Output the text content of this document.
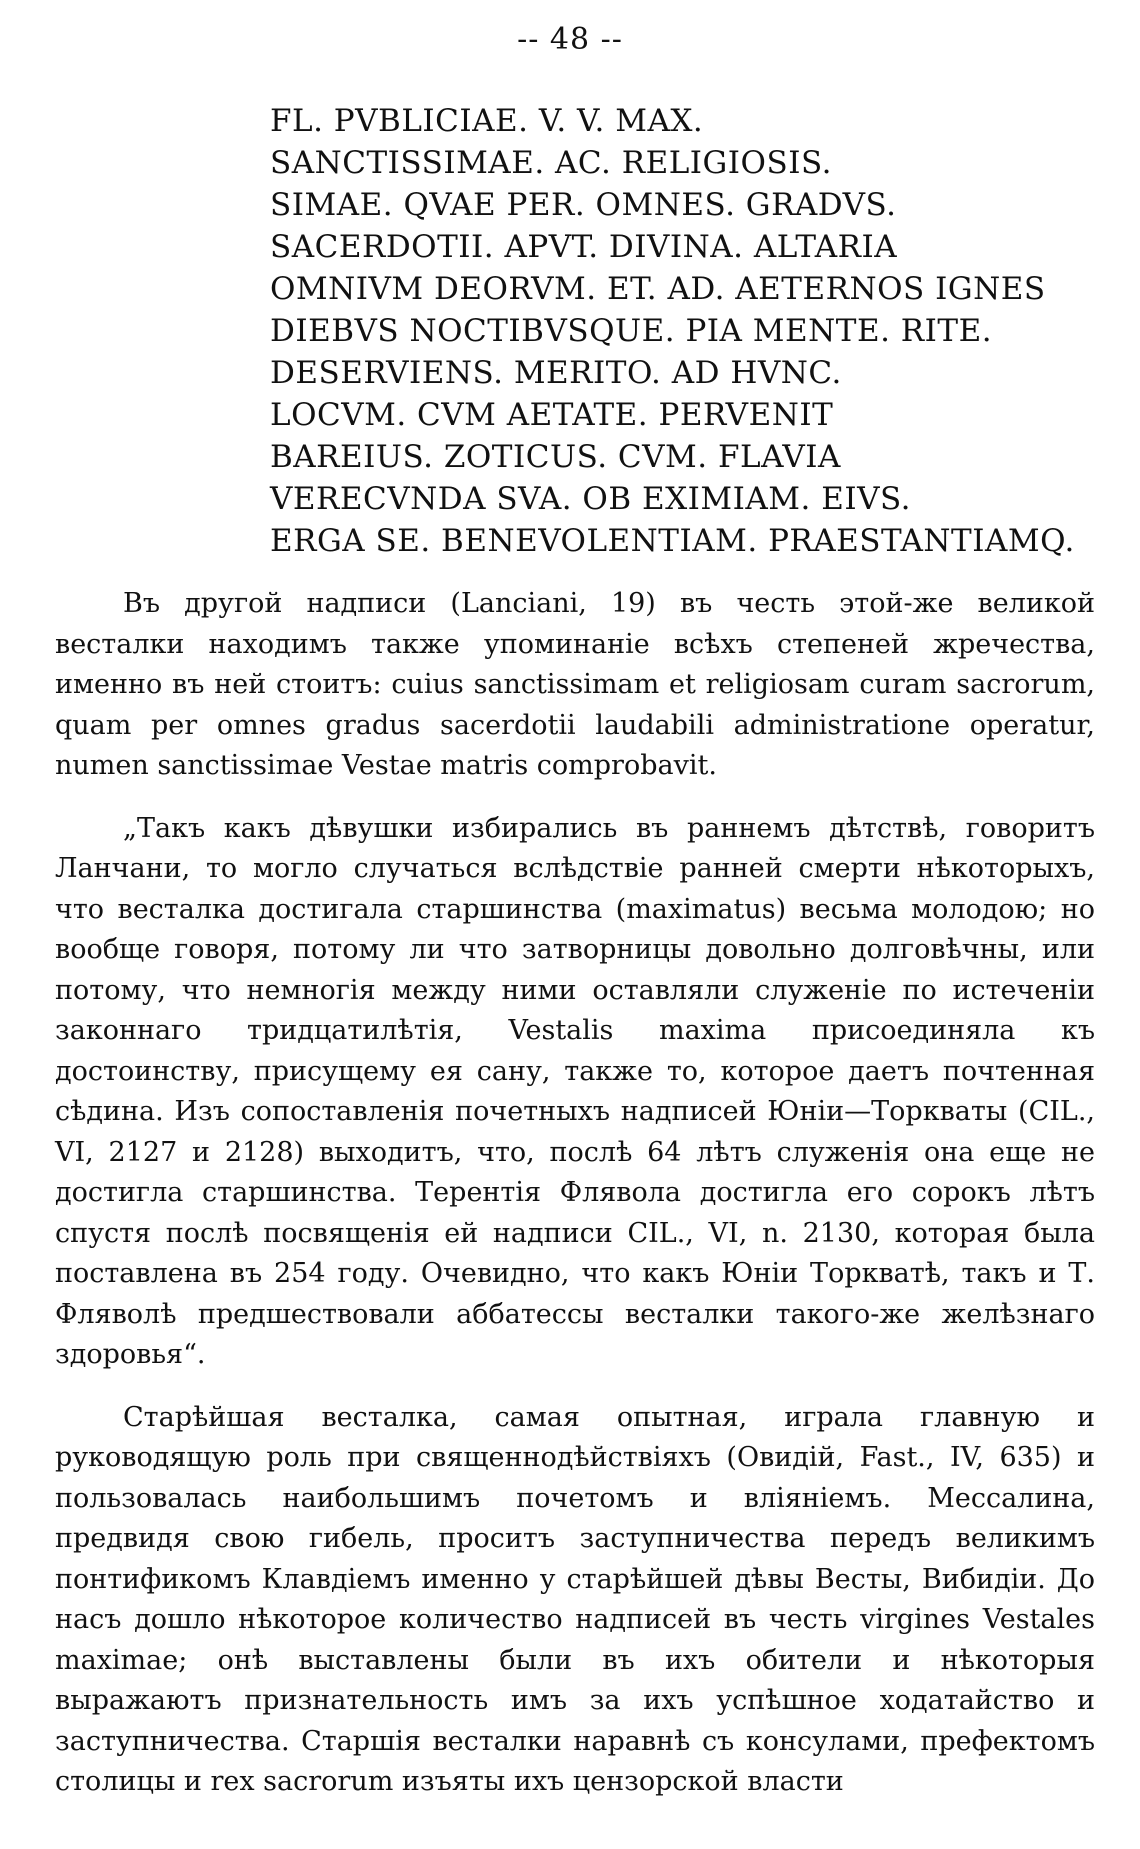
-- 48 --
FL. PVBLICIAE. V. V. MAX.
SANCTISSIMAE. AC. RELIGIOSIS.
SIMAE. QVAE PER. OMNES. GRADVS.
SACERDOTII. APVT. DIVINA. ALTARIA
OMNIVM DEORVM. ET. AD. AETERNOS IGNES
DIEBVS NOCTIBVSQUE. PIA MENTE. RITE.
DESERVIENS. MERITO. AD HVNC.
LOCVM. CVM AETATE. PERVENIT
BAREIUS. ZOTICUS. CVM. FLAVIA
VERECVNDA SVA. OB EXIMIAM. EIVS.
ERGA SE. BENEVOLENTIAM. PRAESTANTIAMQ.

Въ другой надписи (Lanciani, 19) въ честь этой-же великой весталки находимъ также упоминаніе всѣхъ степеней жречества, именно въ ней стоитъ: cuius sanctissimam et religiosam curam sacrorum, quam per omnes gradus sacerdotii laudabili administratione operatur, numen sanctissimae Vestae matris comprobavit.

„Такъ какъ дѣвушки избирались въ раннемъ дѣтствѣ, говоритъ Ланчани, то могло случаться вслѣдствіе ранней смерти нѣкоторыхъ, что весталка достигала старшинства (maximatus) весьма молодою; но вообще говоря, потому ли что затворницы довольно долговѣчны, или потому, что немногія между ними оставляли служеніе по истеченіи законнаго тридцатилѣтія, Vestalis maxima присоединяла къ достоинству, присущему ея сану, также то, которое даетъ почтенная сѣдина. Изъ сопоставленія почетныхъ надписей Юніи—Торкваты (CIL., VI, 2127 и 2128) выходитъ, что, послѣ 64 лѣтъ служенія она еще не достигла старшинства. Терентія Флявола достигла его сорокъ лѣтъ спустя послѣ посвященія ей надписи CIL., VI, n. 2130, которая была поставлена въ 254 году. Очевидно, что какъ Юніи Торкватѣ, такъ и Т. Фляволѣ предшествовали аббатессы весталки такого-же желѣзнаго здоровья“.

Старѣйшая весталка, самая опытная, играла главную и руководящую роль при священнодѣйствіяхъ (Овидій, Fast., IV, 635) и пользовалась наибольшимъ почетомъ и вліяніемъ. Мессалина, предвидя свою гибель, проситъ заступничества передъ великимъ понтификомъ Клавдіемъ именно у старѣйшей дѣвы Весты, Вибидіи. До насъ дошло нѣкоторое количество надписей въ честь virgines Vestales maximae; онѣ выставлены были въ ихъ обители и нѣкоторыя выражаютъ признательность имъ за ихъ успѣшное ходатайство и заступничества. Старшія весталки наравнѣ съ консулами, префектомъ столицы и rex sacrorum изъяты ихъ цензорской власти
